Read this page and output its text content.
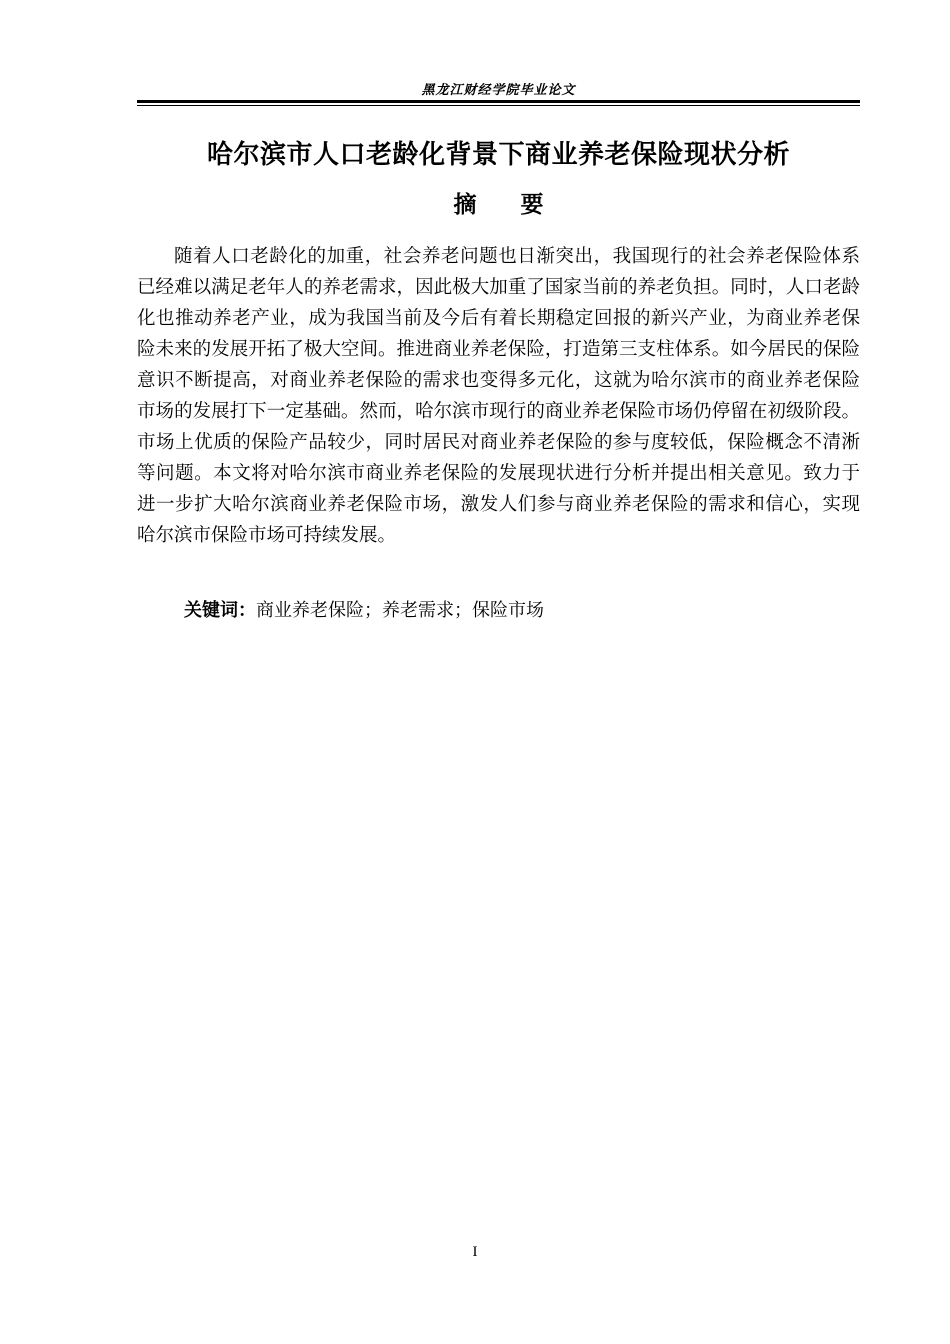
黑龙江财经学院毕业论文
哈尔滨市人口老龄化背景下商业养老保险现状分析
摘 要
随着人口老龄化的加重，社会养老问题也日渐突出，我国现行的社会养老保险体系
已经难以满足老年人的养老需求，因此极大加重了国家当前的养老负担。同时，人口老龄
化也推动养老产业，成为我国当前及今后有着长期稳定回报的新兴产业，为商业养老保
险未来的发展开拓了极大空间。推进商业养老保险，打造第三支柱体系。如今居民的保险
意识不断提高，对商业养老保险的需求也变得多元化，这就为哈尔滨市的商业养老保险
市场的发展打下一定基础。然而，哈尔滨市现行的商业养老保险市场仍停留在初级阶段。
市场上优质的保险产品较少，同时居民对商业养老保险的参与度较低，保险概念不清淅
等问题。本文将对哈尔滨市商业养老保险的发展现状进行分析并提出相关意见。致力于
进一步扩大哈尔滨商业养老保险市场，激发人们参与商业养老保险的需求和信心，实现
哈尔滨市保险市场可持续发展。
关键词：商业养老保险；养老需求；保险市场
I
